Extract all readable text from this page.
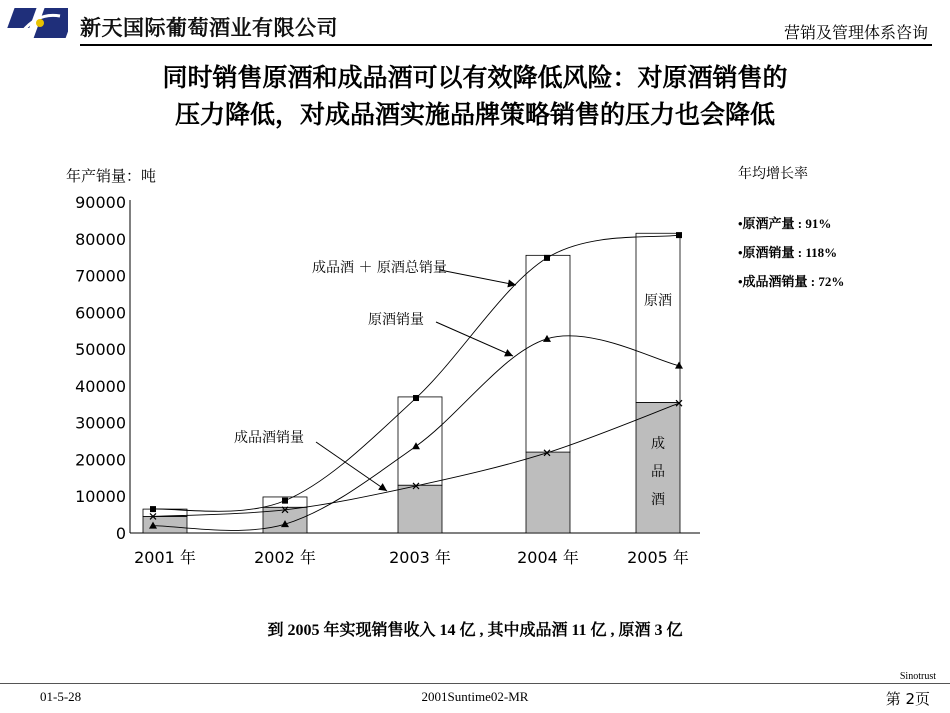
新天国际葡萄酒业有限公司	营销及管理体系咨询
同时销售原酒和成品酒可以有效降低风险：对原酒销售的
压力降低，对成品酒实施品牌策略销售的压力也会降低
年产销量：吨
90000
80000
70000
60000
50000
40000
30000
20000
10000
0
2001 年	2002 年	2003 年	2004 年	2005 年
成品酒 ＋ 原酒总销量
原酒销量
成品酒销量
原酒
成
品
酒
年均增长率
•原酒产量 : 91%
•原酒销量 : 118%
•成品酒销量 : 72%
到 2005 年实现销售收入 14 亿 , 其中成品酒 11 亿 , 原酒 3 亿
Sinotrust
01-5-28	2001Suntime02-MR	第 2页
